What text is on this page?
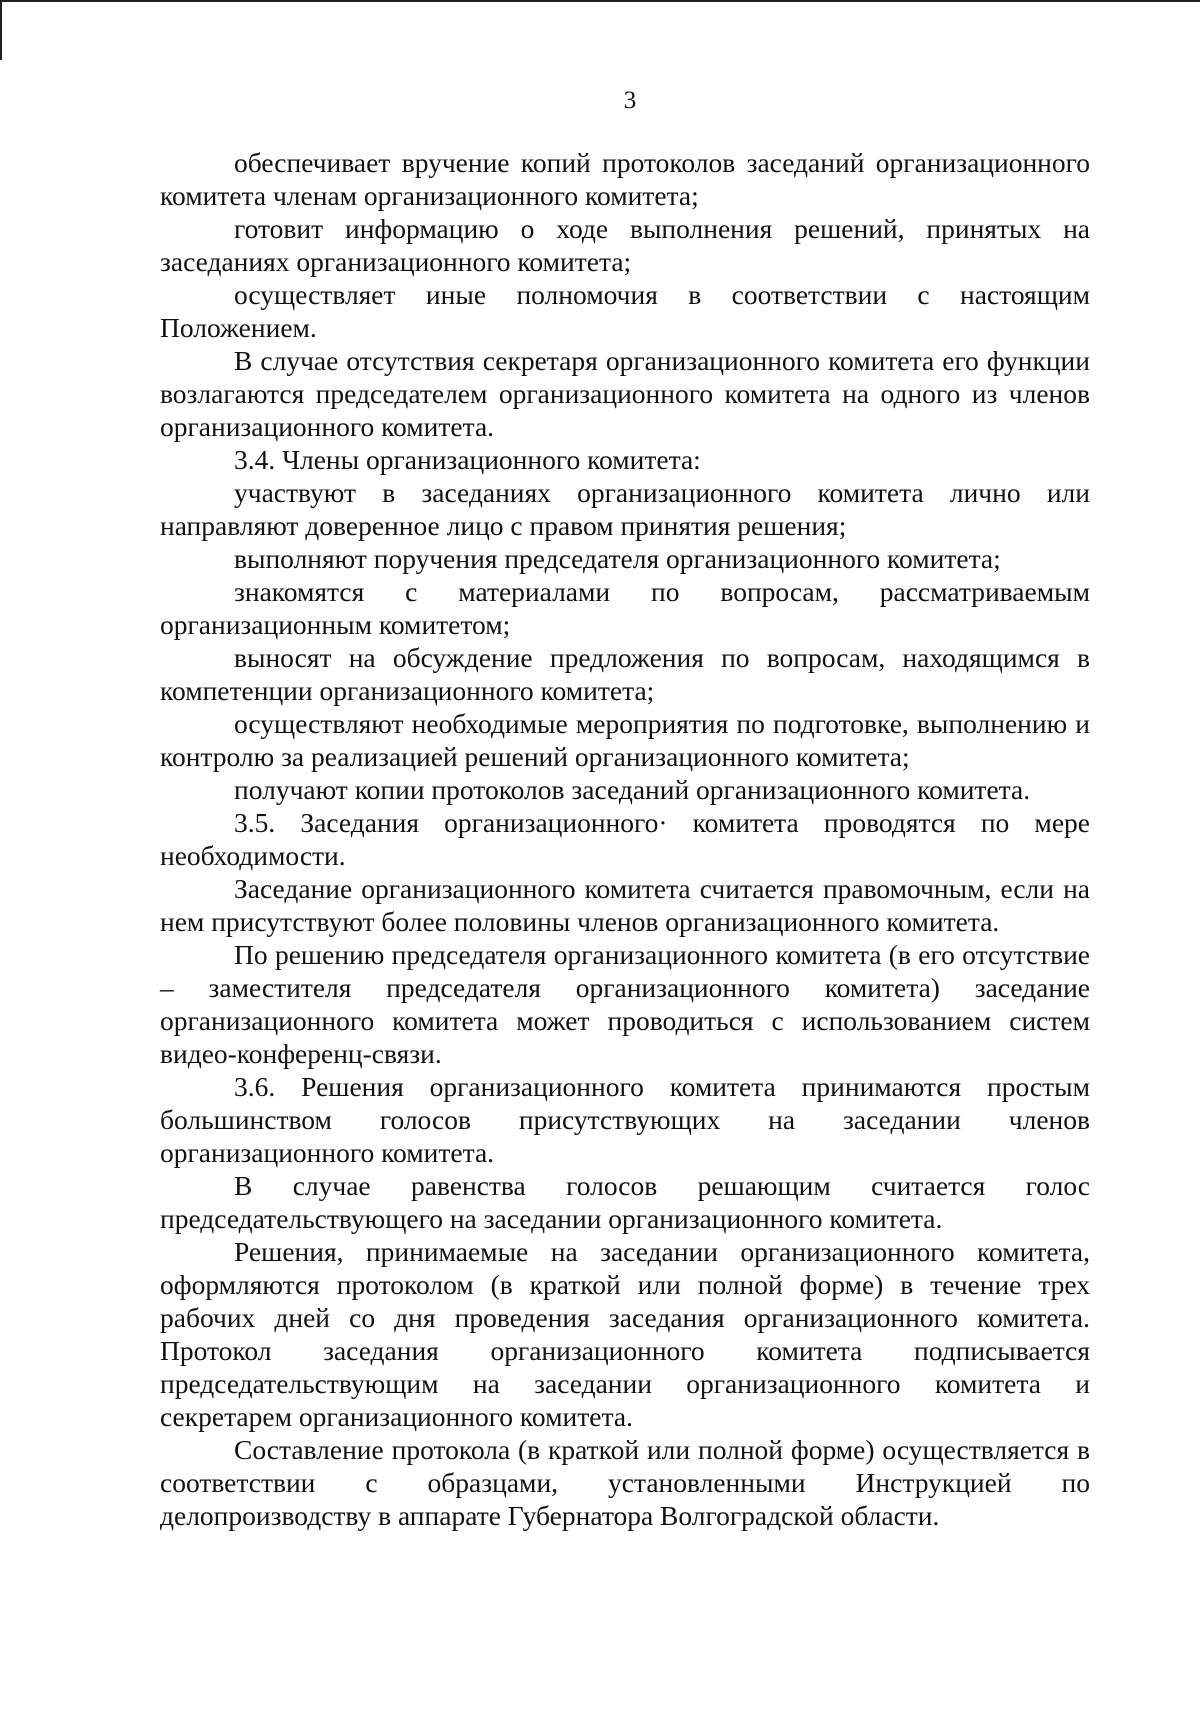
3

обеспечивает вручение копий протоколов заседаний организационного комитета членам организационного комитета;

готовит информацию о ходе выполнения решений, принятых на заседаниях организационного комитета;

осуществляет иные полномочия в соответствии с настоящим Положением.

В случае отсутствия секретаря организационного комитета его функции возлагаются председателем организационного комитета на одного из членов организационного комитета.

3.4. Члены организационного комитета:

участвуют в заседаниях организационного комитета лично или направляют доверенное лицо с правом принятия решения;

выполняют поручения председателя организационного комитета;

знакомятся с материалами по вопросам, рассматриваемым организационным комитетом;

выносят на обсуждение предложения по вопросам, находящимся в компетенции организационного комитета;

осуществляют необходимые мероприятия по подготовке, выполнению и контролю за реализацией решений организационного комитета;

получают копии протоколов заседаний организационного комитета.

3.5. Заседания организационного· комитета проводятся по мере необходимости.

Заседание организационного комитета считается правомочным, если на нем присутствуют более половины членов организационного комитета.

По решению председателя организационного комитета (в его отсутствие – заместителя председателя организационного комитета) заседание организационного комитета может проводиться с использованием систем видео-конференц-связи.

3.6. Решения организационного комитета принимаются простым большинством голосов присутствующих на заседании членов организационного комитета.

В случае равенства голосов решающим считается голос председательствующего на заседании организационного комитета.

Решения, принимаемые на заседании организационного комитета, оформляются протоколом (в краткой или полной форме) в течение трех рабочих дней со дня проведения заседания организационного комитета. Протокол заседания организационного комитета подписывается председательствующим на заседании организационного комитета и секретарем организационного комитета.

Составление протокола (в краткой или полной форме) осуществляется в соответствии с образцами, установленными Инструкцией по делопроизводству в аппарате Губернатора Волгоградской области.
